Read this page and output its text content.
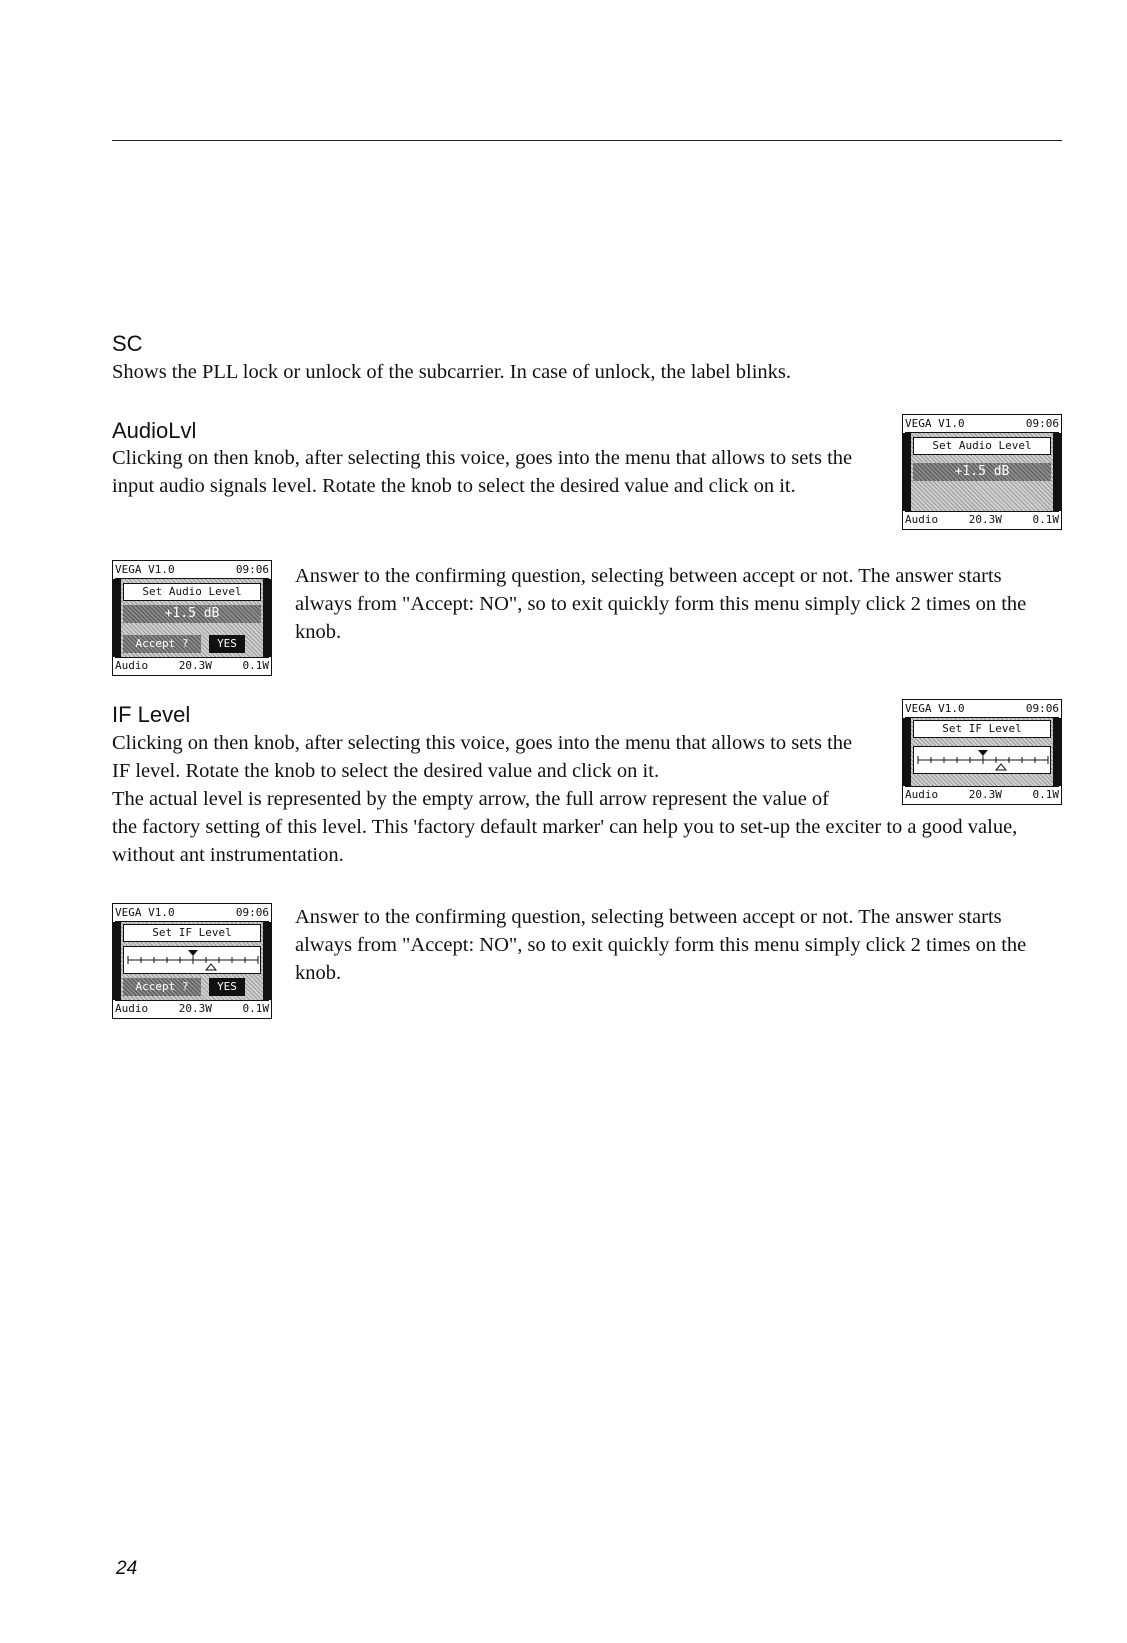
SC

Shows the PLL lock or unlock of the subcarrier. In case of unlock, the label blinks.

AudioLvl

Clicking on then knob, after selecting this voice, goes into the menu that allows to sets the

input audio signals level. Rotate the knob to select the desired value and click on it.

VEGA V1.0	09:06
Set Audio Level
+1.5 dB
Audio	20.3W	0.1W
VEGA V1.0	09:06
Set Audio Level
+1.5 dB
Accept ?	YES
Audio	20.3W	0.1W

Answer to the confirming question, selecting between accept or not. The answer starts

always from "Accept: NO", so to exit quickly form this menu simply click 2 times on the

knob.

IF Level

Clicking on then knob, after selecting this voice, goes into the menu that allows to sets the

IF level. Rotate the knob to select the desired value and click on it.

The actual level is represented by the empty arrow, the full arrow represent the value of

the factory setting of this level. This 'factory default marker' can help you to set-up the exciter to a good value,

without ant instrumentation.

VEGA V1.0	09:06
Set IF Level
Audio	20.3W	0.1W
VEGA V1.0	09:06
Set IF Level
Accept ?	YES
Audio	20.3W	0.1W

Answer to the confirming question, selecting between accept or not. The answer starts

always from "Accept: NO", so to exit quickly form this menu simply click 2 times on the

knob.

24
